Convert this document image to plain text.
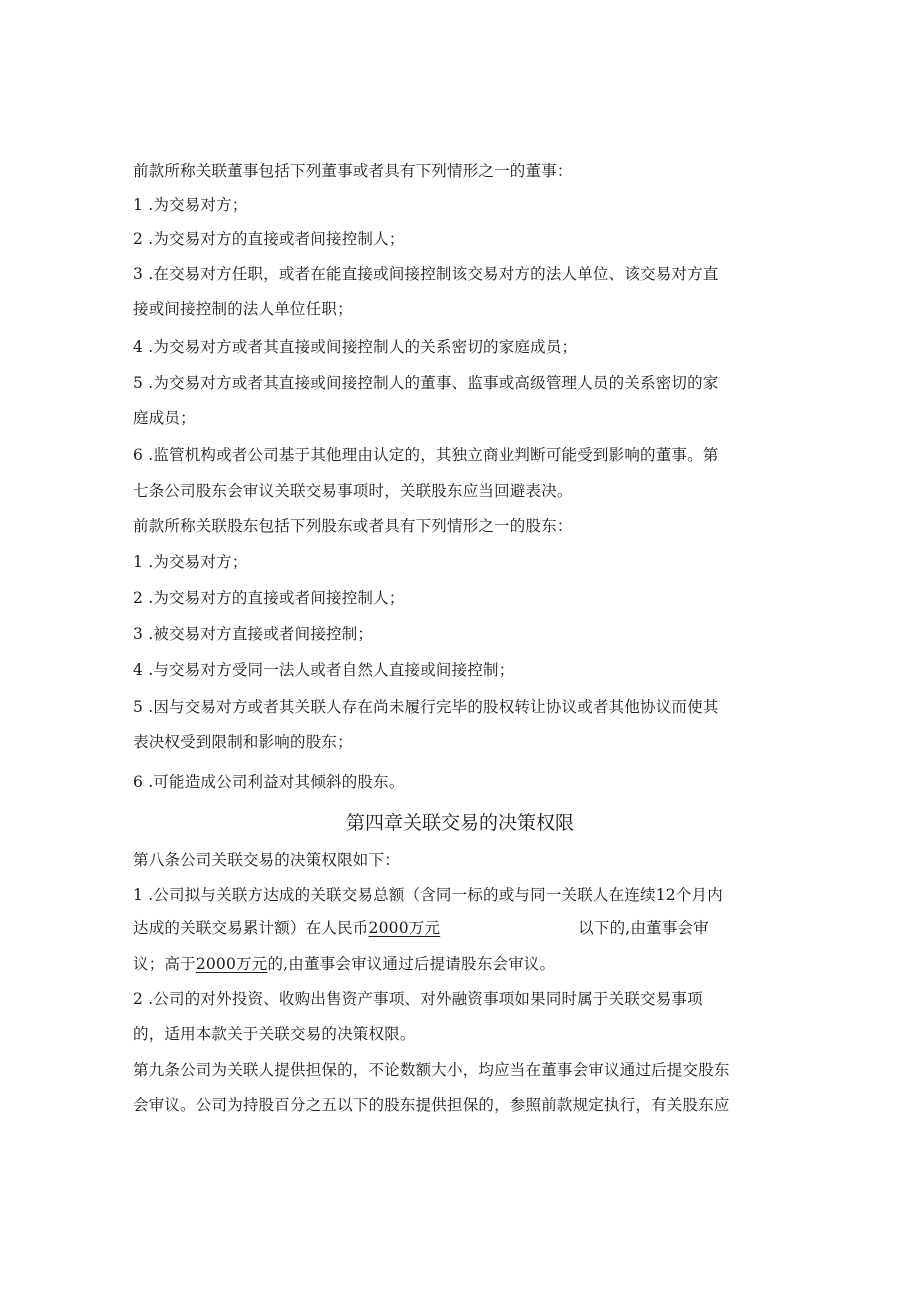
前款所称关联董事包括下列董事或者具有下列情形之一的董事：
1 .为交易对方；
2 .为交易对方的直接或者间接控制人；
3 .在交易对方任职，或者在能直接或间接控制该交易对方的法人单位、该交易对方直
接或间接控制的法人单位任职；
4 .为交易对方或者其直接或间接控制人的关系密切的家庭成员；
5 .为交易对方或者其直接或间接控制人的董事、监事或高级管理人员的关系密切的家
庭成员；
6 .监管机构或者公司基于其他理由认定的，其独立商业判断可能受到影响的董事。第
七条公司股东会审议关联交易事项时，关联股东应当回避表决。
前款所称关联股东包括下列股东或者具有下列情形之一的股东：
1 .为交易对方；
2 .为交易对方的直接或者间接控制人；
3 .被交易对方直接或者间接控制；
4 .与交易对方受同一法人或者自然人直接或间接控制；
5 .因与交易对方或者其关联人存在尚未履行完毕的股权转让协议或者其他协议而使其
表决权受到限制和影响的股东；
6 .可能造成公司利益对其倾斜的股东。
第四章关联交易的决策权限
第八条公司关联交易的决策权限如下：
1 .公司拟与关联方达成的关联交易总额（含同一标的或与同一关联人在连续12个月内
达成的关联交易累计额）在人民币2000万元	以下的,由董事会审
议；高于2000万元的,由董事会审议通过后提请股东会审议。
2 .公司的对外投资、收购出售资产事项、对外融资事项如果同时属于关联交易事项
的，适用本款关于关联交易的决策权限。
第九条公司为关联人提供担保的，不论数额大小，均应当在董事会审议通过后提交股东
会审议。公司为持股百分之五以下的股东提供担保的，参照前款规定执行，有关股东应
